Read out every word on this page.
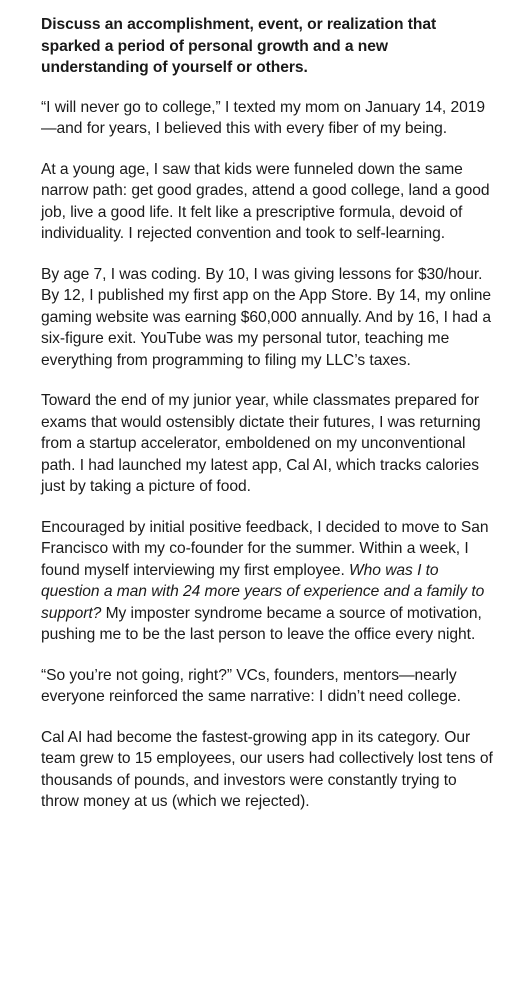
Discuss an accomplishment, event, or realization that sparked a period of personal growth and a new understanding of yourself or others.

“I will never go to college,” I texted my mom on January 14, 2019—and for years, I believed this with every fiber of my being.

At a young age, I saw that kids were funneled down the same narrow path: get good grades, attend a good college, land a good job, live a good life. It felt like a prescriptive formula, devoid of individuality. I rejected convention and took to self-learning.

By age 7, I was coding. By 10, I was giving lessons for $30/hour. By 12, I published my first app on the App Store. By 14, my online gaming website was earning $60,000 annually. And by 16, I had a six-figure exit. YouTube was my personal tutor, teaching me everything from programming to filing my LLC’s taxes.

Toward the end of my junior year, while classmates prepared for exams that would ostensibly dictate their futures, I was returning from a startup accelerator, emboldened on my unconventional path. I had launched my latest app, Cal AI, which tracks calories just by taking a picture of food.

Encouraged by initial positive feedback, I decided to move to San Francisco with my co-founder for the summer. Within a week, I found myself interviewing my first employee. Who was I to question a man with 24 more years of experience and a family to support? My imposter syndrome became a source of motivation, pushing me to be the last person to leave the office every night.

“So you’re not going, right?” VCs, founders, mentors—nearly everyone reinforced the same narrative: I didn’t need college.

Cal AI had become the fastest-growing app in its category. Our team grew to 15 employees, our users had collectively lost tens of thousands of pounds, and investors were constantly trying to throw money at us (which we rejected).
